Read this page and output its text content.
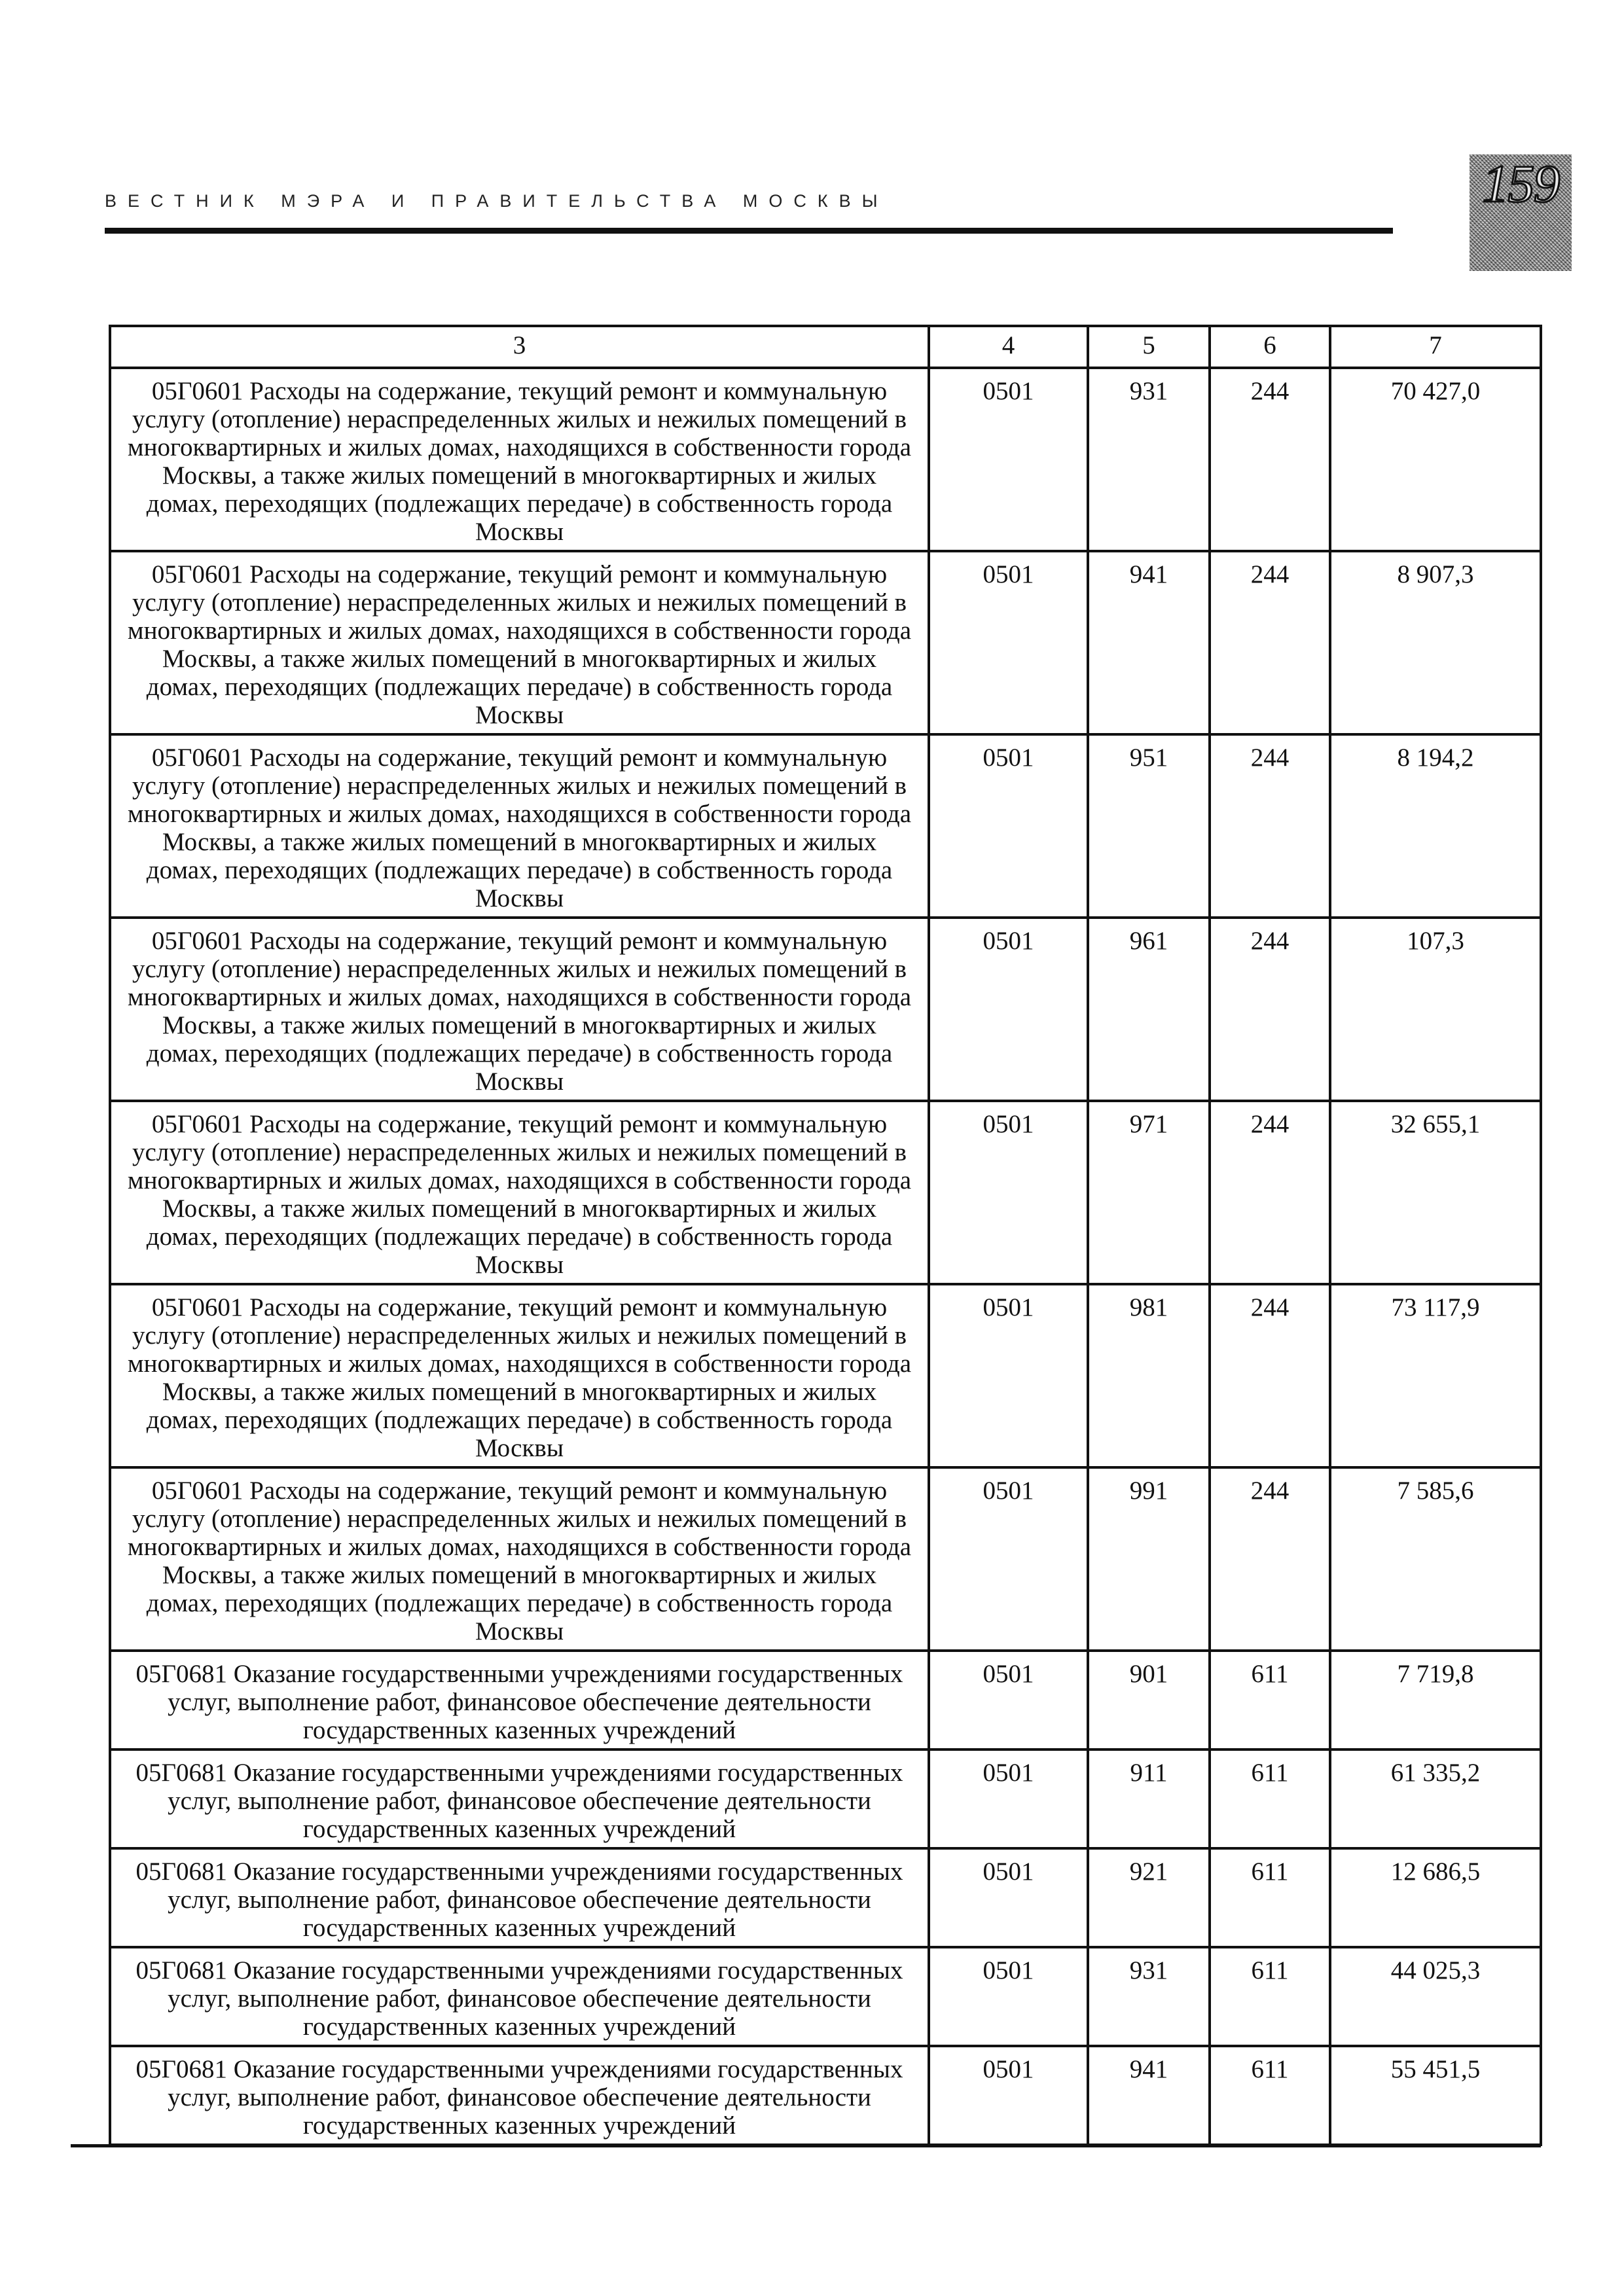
ВЕСТНИК МЭРА И ПРАВИТЕЛЬСТВА МОСКВЫ	159
	3	4	5	6	7
	05Г0601 Расходы на содержание, текущий ремонт и коммунальную услугу (отопление) нераспределенных жилых и нежилых помещений в многоквартирных и жилых домах, находящихся в собственности города Москвы, а также жилых помещений в многоквартирных и жилых домах, переходящих (подлежащих передаче) в собственность города Москвы	0501	931	244	70 427,0
	05Г0601 Расходы на содержание, текущий ремонт и коммунальную услугу (отопление) нераспределенных жилых и нежилых помещений в многоквартирных и жилых домах, находящихся в собственности города Москвы, а также жилых помещений в многоквартирных и жилых домах, переходящих (подлежащих передаче) в собственность города Москвы	0501	941	244	8 907,3
	05Г0601 Расходы на содержание, текущий ремонт и коммунальную услугу (отопление) нераспределенных жилых и нежилых помещений в многоквартирных и жилых домах, находящихся в собственности города Москвы, а также жилых помещений в многоквартирных и жилых домах, переходящих (подлежащих передаче) в собственность города Москвы	0501	951	244	8 194,2
	05Г0601 Расходы на содержание, текущий ремонт и коммунальную услугу (отопление) нераспределенных жилых и нежилых помещений в многоквартирных и жилых домах, находящихся в собственности города Москвы, а также жилых помещений в многоквартирных и жилых домах, переходящих (подлежащих передаче) в собственность города Москвы	0501	961	244	107,3
	05Г0601 Расходы на содержание, текущий ремонт и коммунальную услугу (отопление) нераспределенных жилых и нежилых помещений в многоквартирных и жилых домах, находящихся в собственности города Москвы, а также жилых помещений в многоквартирных и жилых домах, переходящих (подлежащих передаче) в собственность города Москвы	0501	971	244	32 655,1
	05Г0601 Расходы на содержание, текущий ремонт и коммунальную услугу (отопление) нераспределенных жилых и нежилых помещений в многоквартирных и жилых домах, находящихся в собственности города Москвы, а также жилых помещений в многоквартирных и жилых домах, переходящих (подлежащих передаче) в собственность города Москвы	0501	981	244	73 117,9
	05Г0601 Расходы на содержание, текущий ремонт и коммунальную услугу (отопление) нераспределенных жилых и нежилых помещений в многоквартирных и жилых домах, находящихся в собственности города Москвы, а также жилых помещений в многоквартирных и жилых домах, переходящих (подлежащих передаче) в собственность города Москвы	0501	991	244	7 585,6
	05Г0681 Оказание государственными учреждениями государственных услуг, выполнение работ, финансовое обеспечение деятельности государственных казенных учреждений	0501	901	611	7 719,8
	05Г0681 Оказание государственными учреждениями государственных услуг, выполнение работ, финансовое обеспечение деятельности государственных казенных учреждений	0501	911	611	61 335,2
	05Г0681 Оказание государственными учреждениями государственных услуг, выполнение работ, финансовое обеспечение деятельности государственных казенных учреждений	0501	921	611	12 686,5
	05Г0681 Оказание государственными учреждениями государственных услуг, выполнение работ, финансовое обеспечение деятельности государственных казенных учреждений	0501	931	611	44 025,3
	05Г0681 Оказание государственными учреждениями государственных услуг, выполнение работ, финансовое обеспечение деятельности государственных казенных учреждений	0501	941	611	55 451,5
